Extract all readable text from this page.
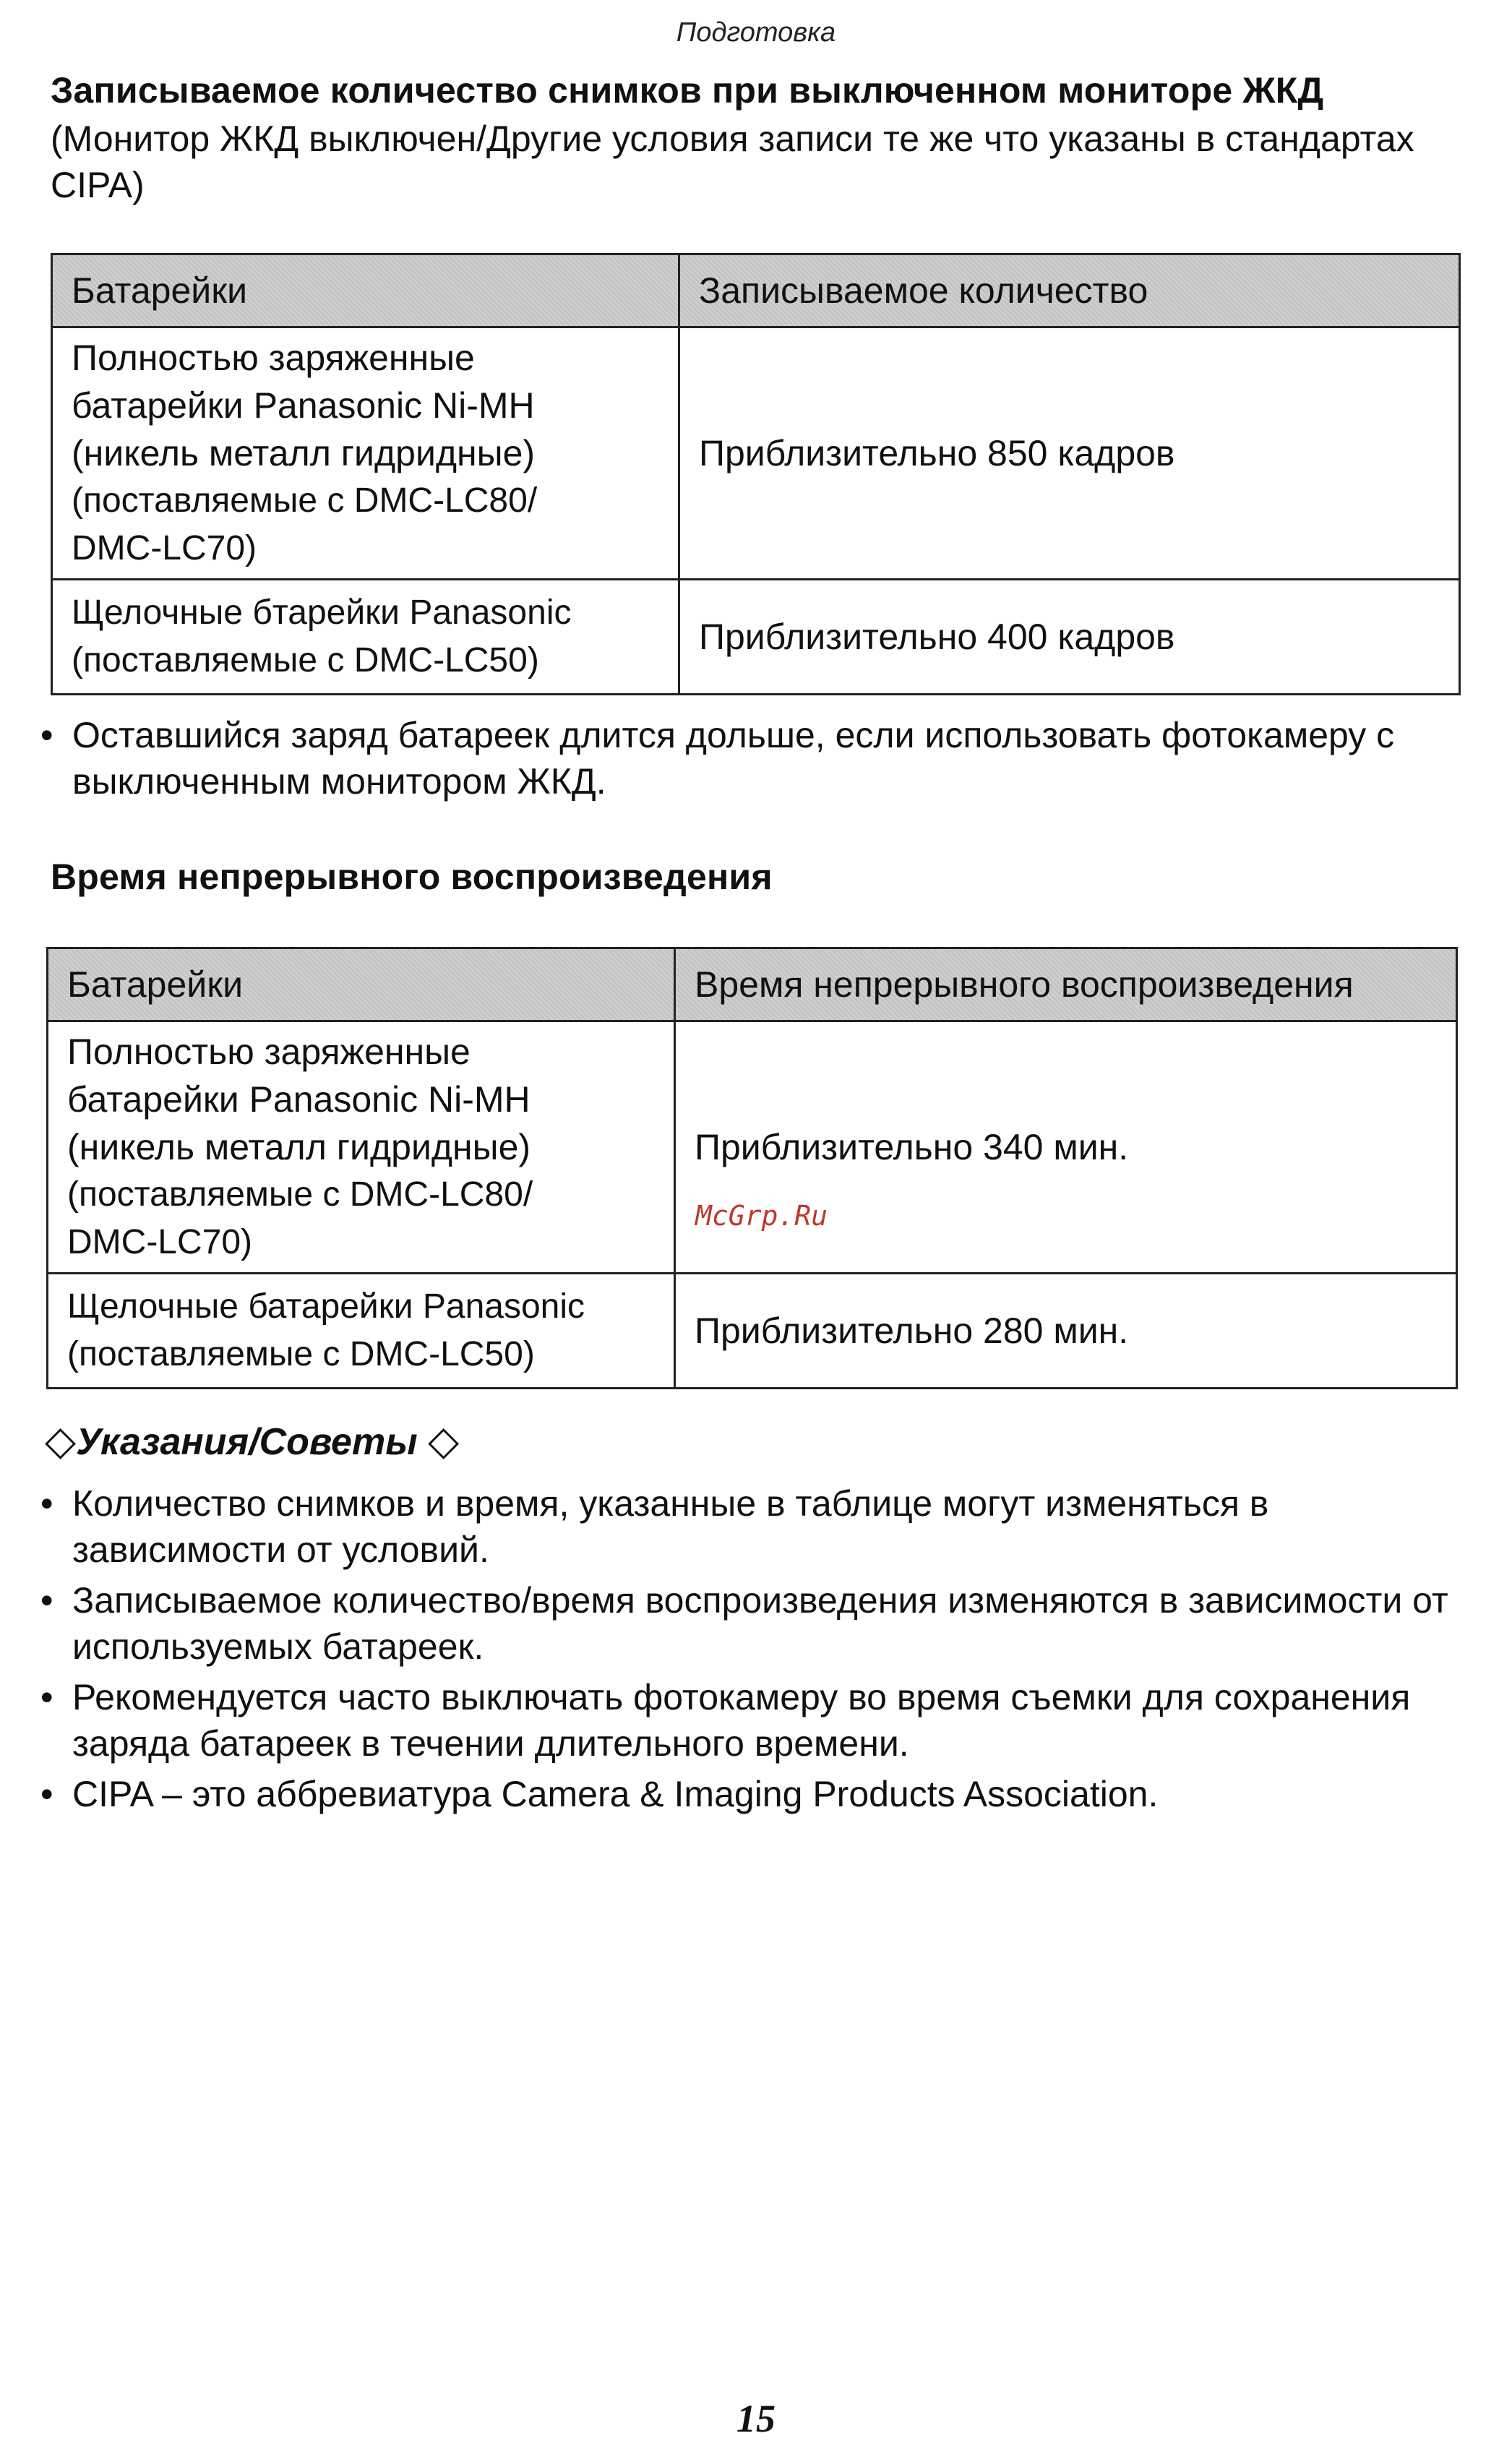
Подготовка
Записываемое количество снимков при выключенном мониторе ЖКД
(Монитор ЖКД выключен/Другие условия записи те же что указаны в стандартах CIPA)
Батарейки	Записываемое количество

Полностью заряженные
батарейки Panasonic Ni-MH
(никель металл гидридные)
(поставляемые с DMC-LC80/
DMC-LC70)	Приблизительно 850 кадров

Щелочные бтарейки Panasonic
(поставляемые с DMC-LC50)	Приблизительно 400 кадров
• Оставшийся заряд батареек длится дольше, если использовать фотокамеру с выключенным монитором ЖКД.
Время непрерывного воспроизведения
Батарейки	Время непрерывного воспроизведения

Полностью заряженные
батарейки Panasonic Ni-MH
(никель металл гидридные)
(поставляемые с DMC-LC80/
DMC-LC70)	Приблизительно 340 мин.

Щелочные батарейки Panasonic
(поставляемые с DMC-LC50)	Приблизительно 280 мин.
McGrp.Ru
◇Указания/Советы ◇
• Количество снимков и время, указанные в таблице могут изменяться в зависимости от условий.
• Записываемое количество/время воспроизведения изменяются в зависимости от используемых батареек.
• Рекомендуется часто выключать фотокамеру во время съемки для сохранения заряда батареек в течении длительного времени.
• CIPA – это аббревиатура Camera & Imaging Products Association.
15
